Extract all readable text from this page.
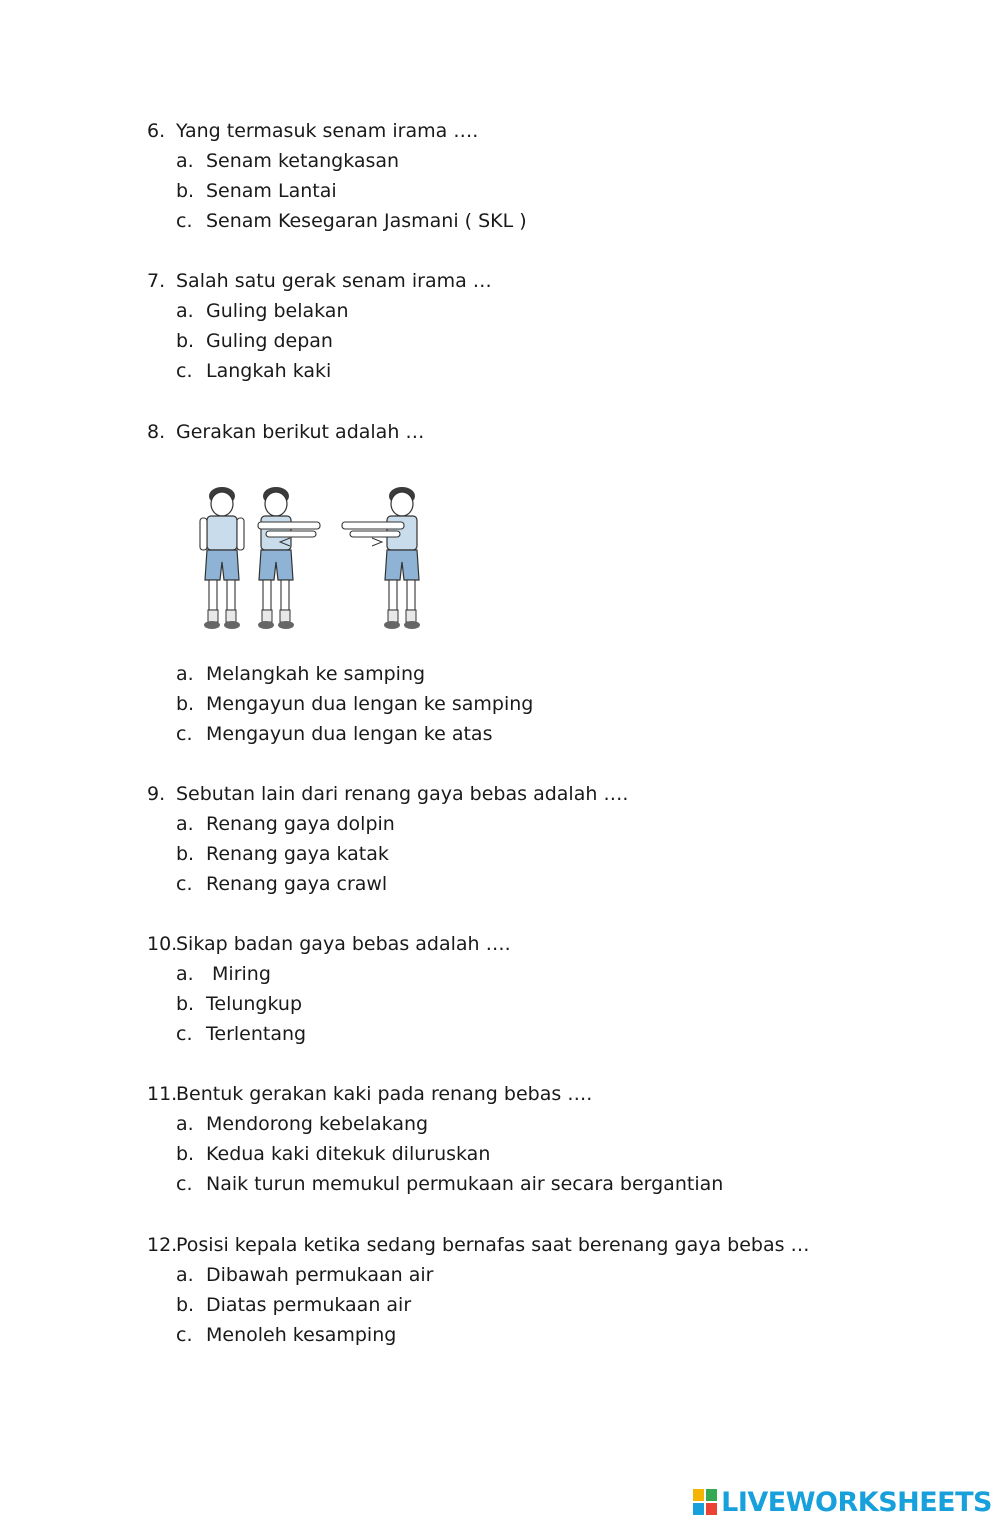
6. Yang termasuk senam irama ….
a. Senam ketangkasan
b. Senam Lantai
c. Senam Kesegaran Jasmani ( SKL )
7. Salah satu gerak senam irama …
a. Guling belakan
b. Guling depan
c. Langkah kaki
8. Gerakan berikut adalah …
a. Melangkah ke samping
b. Mengayun dua lengan ke samping
c. Mengayun dua lengan ke atas
9. Sebutan lain dari renang gaya bebas adalah ….
a. Renang gaya dolpin
b. Renang gaya katak
c. Renang gaya crawl
10.
Sikap badan gaya bebas adalah ….
a. Miring
b. Telungkup
c. Terlentang
11.
Bentuk gerakan kaki pada renang bebas ….
a. Mendorong kebelakang
b. Kedua kaki ditekuk diluruskan
c. Naik turun memukul permukaan air secara bergantian
12.
Posisi kepala ketika sedang bernafas saat berenang gaya bebas …
a. Dibawah permukaan air
b. Diatas permukaan air
c. Menoleh kesamping
LIVEWORKSHEETS
